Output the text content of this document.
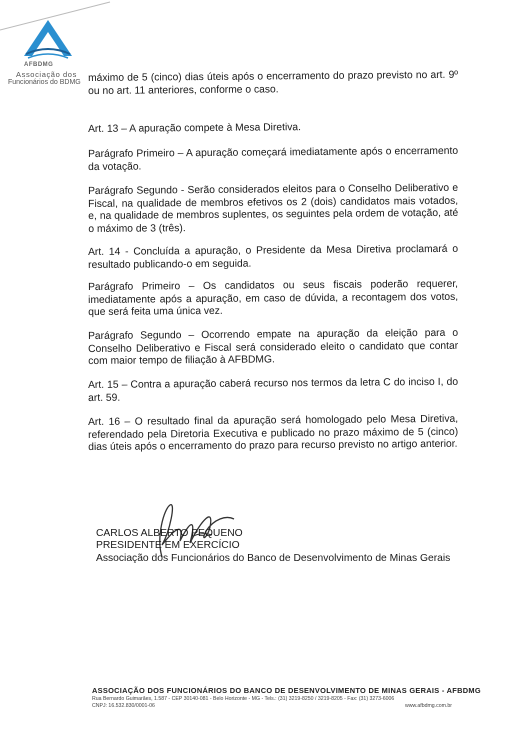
AFBDMG
Associação dos
Funcionários do BDMG máximo de 5 (cinco) dias úteis após o encerramento do prazo previsto no art. 9º ou no art. 11 anteriores, conforme o caso.

Art. 13 – A apuração compete à Mesa Diretiva.

Parágrafo Primeiro – A apuração começará imediatamente após o encerramento da votação.

Parágrafo Segundo - Serão considerados eleitos para o Conselho Deliberativo e Fiscal, na qualidade de membros efetivos os 2 (dois) candidatos mais votados, e, na qualidade de membros suplentes, os seguintes pela ordem de votação, até o máximo de 3 (três).

Art. 14 - Concluída a apuração, o Presidente da Mesa Diretiva proclamará o resultado publicando-o em seguida.

Parágrafo Primeiro – Os candidatos ou seus fiscais poderão requerer, imediatamente após a apuração, em caso de dúvida, a recontagem dos votos, que será feita uma única vez.

Parágrafo Segundo – Ocorrendo empate na apuração da eleição para o Conselho Deliberativo e Fiscal será considerado eleito o candidato que contar com maior tempo de filiação à AFBDMG.

Art. 15 – Contra a apuração caberá recurso nos termos da letra C do inciso I, do art. 59.

Art. 16 – O resultado final da apuração será homologado pelo Mesa Diretiva, referendado pela Diretoria Executiva e publicado no prazo máximo de 5 (cinco) dias úteis após o encerramento do prazo para recurso previsto no artigo anterior.

CARLOS ALBERTO PEQUENO
PRESIDENTE EM EXERCÍCIO
Associação dos Funcionários do Banco de Desenvolvimento de Minas Gerais
ASSOCIAÇÃO DOS FUNCIONÁRIOS DO BANCO DE DESENVOLVIMENTO DE MINAS GERAIS - AFBDMG
Rua Bernardo Guimarães, 1.587 - CEP 30140-081 - Belo Horizonte - MG - Tels.: (31) 3219-8250 / 3219-8205 - Fax: (31) 3273-6006
CNPJ: 16.532.830/0001-06	www.afbdmg.com.br
